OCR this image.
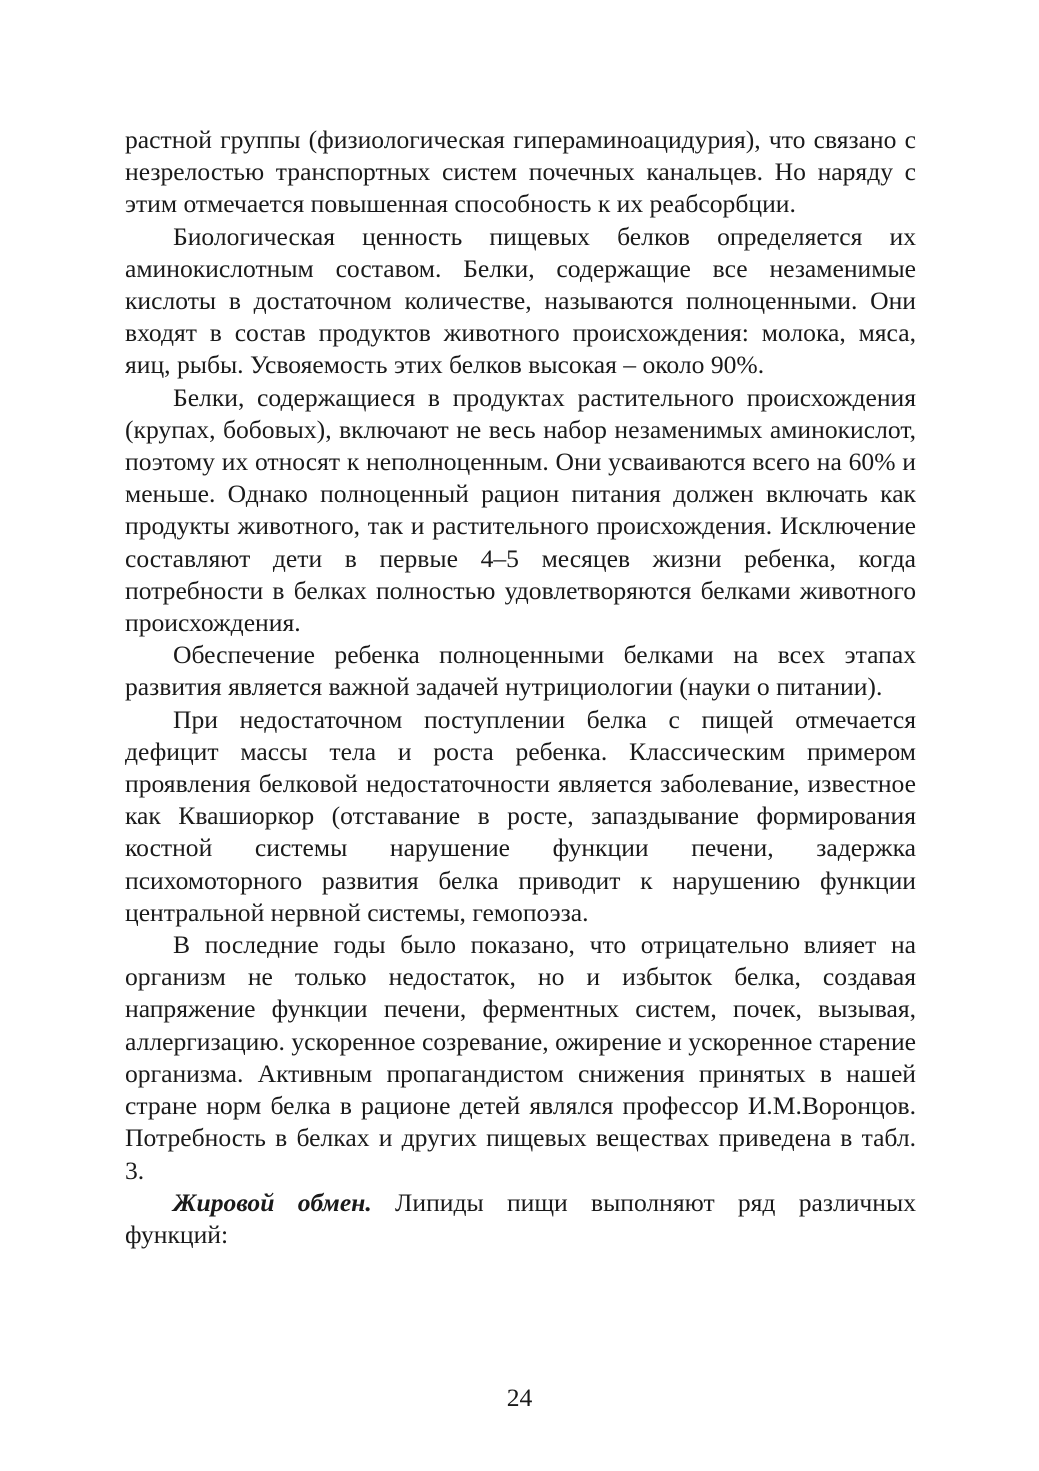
растной группы (физиологическая гипераминоацидурия), что связано с незрелостью транспортных систем почечных канальцев. Но наряду с этим отмечается повышенная способность к их реабсорбции.

Биологическая ценность пищевых белков определяется их аминокислотным составом. Белки, содержащие все незаменимые кислоты в достаточном количестве, называются полноценными. Они входят в состав продуктов животного происхождения: молока, мяса, яиц, рыбы. Усвояемость этих белков высокая – около 90%.

Белки, содержащиеся в продуктах растительного происхождения (крупах, бобовых), включают не весь набор незаменимых аминокислот, поэтому их относят к неполноценным. Они усваиваются всего на 60% и меньше. Однако полноценный рацион питания должен включать как продукты животного, так и растительного происхождения. Исключение составляют дети в первые 4–5 месяцев жизни ребенка, когда потребности в белках полностью удовлетворяются белками животного происхождения.

Обеспечение ребенка полноценными белками на всех этапах развития является важной задачей нутрициологии (науки о питании).

При недостаточном поступлении белка с пищей отмечается дефицит массы тела и роста ребенка. Классическим примером проявления белковой недостаточности является заболевание, известное как Квашиоркор (отставание в росте, запаздывание формирования костной системы нарушение функции печени, задержка психомоторного развития белка приводит к нарушению функции центральной нервной системы, гемопоэза.

В последние годы было показано, что отрицательно влияет на организм не только недостаток, но и избыток белка, создавая напряжение функции печени, ферментных систем, почек, вызывая, аллергизацию. ускоренное созревание, ожирение и ускоренное старение организма. Активным пропагандистом снижения принятых в нашей стране норм белка в рационе детей являлся профессор И.М.Воронцов. Потребность в белках и других пищевых веществах приведена в табл. 3.

Жировой обмен. Липиды пищи выполняют ряд различных функций:

24
